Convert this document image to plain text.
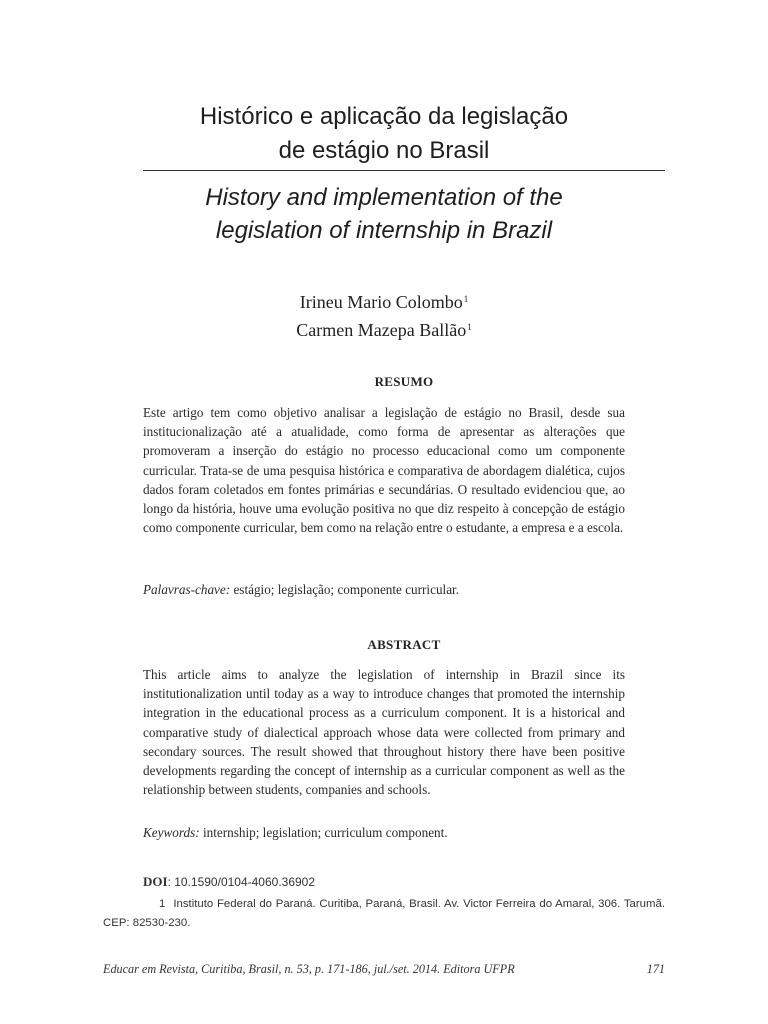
Histórico e aplicação da legislação
de estágio no Brasil
History and implementation of the
legislation of internship in Brazil
Irineu Mario Colombo$^1$
Carmen Mazepa Ballão$^1$
RESUMO

Este artigo tem como objetivo analisar a legislação de estágio no Brasil, desde sua institucionalização até a atualidade, como forma de apresentar as alterações que promoveram a inserção do estágio no processo educacional como um componente curricular. Trata-se de uma pesquisa histórica e comparativa de abordagem dialética, cujos dados foram coletados em fontes primárias e secundárias. O resultado evidenciou que, ao longo da história, houve uma evolução positiva no que diz respeito à concepção de estágio como componente curricular, bem como na relação entre o estudante, a empresa e a escola.

Palavras-chave: estágio; legislação; componente curricular.

ABSTRACT

This article aims to analyze the legislation of internship in Brazil since its institutionalization until today as a way to introduce changes that promoted the internship integration in the educational process as a curriculum component. It is a historical and comparative study of dialectical approach whose data were collected from primary and secondary sources. The result showed that throughout history there have been positive developments regarding the concept of internship as a curricular component as well as the relationship between students, companies and schools.

Keywords: internship; legislation; curriculum component.

DOI: 10.1590/0104-4060.36902

1 Instituto Federal do Paraná. Curitiba, Paraná, Brasil. Av. Victor Ferreira do Amaral, 306. Tarumã. CEP: 82530-230.

Educar em Revista, Curitiba, Brasil, n. 53, p. 171-186, jul./set. 2014. Editora UFPR	171
